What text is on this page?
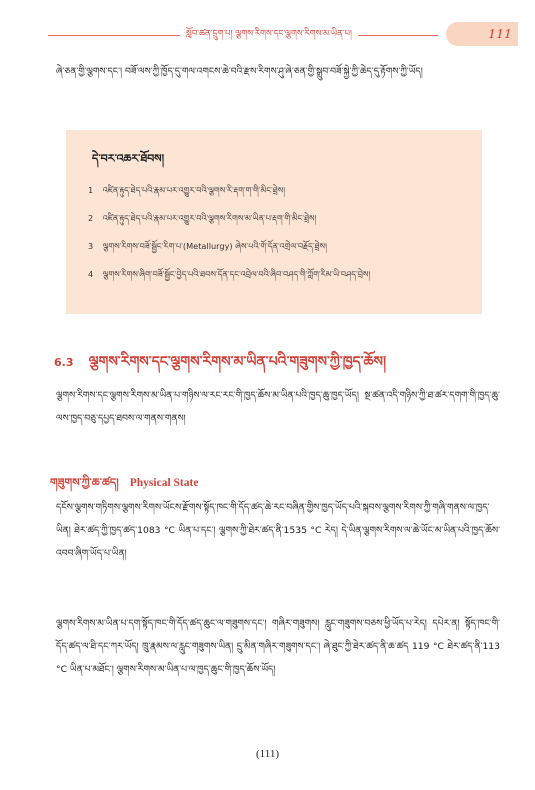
སློབ་ཚན་དྲུག་པ། ལྕགས་རིགས་དང་ལྕགས་རིགས་མ་ཡིན་པ།	111
ཞེ་ཅན་གྱི་ལྕགས་དང་། བཟོ་ལས་ཀྱི་ཁྱོད་དུ་གལ་འགངས་ཆེ་བའི་རྫས་རིགས་ཤུ་ཞེ་ཅན་གྱི་སྒྲུབ་བཟོ་སྐྱེ་ཀྱི་ཆེད་དུ་རྟོགས་ཀྱི་ཡོད།
དེ་བར་འཆར་ཐོབས།
1 འཛིན་རྟུད་ཐེད་པའི་རྣམ་པར་འགྱུར་བའི་ལྕགས་རི་རྡག་ག་གི་མིང་ཐྲེས།
2 འཛིན་རྟུད་ཐེད་པའི་རྣམ་པར་འགྱུར་བའི་ལྕགས་རིགས་མ་ཡིན་པ་རྡག་གི་མིང་ཐྲེས།
3 ལྕགས་རིགས་བཟོ་སྦྱོང་རིག་པ་(Metallurgy) ཞེས་པའི་གོ་དོན་འགྲེལ་བརྗོད་ཐྲེས།
4 ལྕགས་རིགས་ཞིག་བཟོ་སྦྱོང་བྱེད་པའི་ཐབས་དོན་དང་འབྲེལ་བའི་ཞིབ་བཤད་གི་ཀློག་རིམ་ཡི་བཤད་བྲེས།
6.3 ལྕགས་རིགས་དང་ལྕགས་རིགས་མ་ཡིན་པའི་གཟུགས་ཀྱི་ཁྱད་ཆོས།
ལྕགས་རིགས་དང་ལྕགས་རིགས་མ་ཡིན་པ་གཉིས་ལ་རང་རང་གི་ཁྱད་ཆོས་མ་ཡིན་པའི་ཁྱད་ཆུ་ཁྱད་ཡོད། སྔ་ཚན་འདི་གཉིས་ཀྱི་ཐ་ཚར་དགག་གི་ཁྱད་ཆུ་ལས་ཁྱད་བཅུ་དཔྱད་ཐབས་ལ་གནས་གནས།
གཟུགས་ཀྱི་ཆ་ཚད། Physical State
དངོས་ལྕགས་གཏིགས་ལྕགས་རིགས་ཡོངས་རྫོགས་སྟོད་ཁང་གི་དོད་ཚད་ཆེ་རང་བཞིན་གྱིས་ཁྱད་ཡོད་པའི་སྐབས་ལྕགས་རིགས་ཀྱི་གཞི་གནས་ལ་ཁྱད་ཡིན། ཐེར་ཚད་ཀྱི་ཁྱད་ཚད་1083 °C ཡིན་པ་དང་། ལྕགས་ཀྱི་ཐེར་ཚད་ནི་1535 °C རེད། དེ་ཡིན་ལྕགས་རིགས་ལ་ཆེ་ཡོང་མ་ཡིན་པའི་ཁྱད་ཆོས་འབབ་ཞིག་ཡོད་པ་ཡིན།
ལྕགས་རིགས་མ་ཡིན་པ་དག་སྟོད་ཁང་གི་དོད་ཚད་ཆུང་ལ་གཟུགས་དང་། གཞིར་གཟུགས། རླུང་གཟུགས་བཅས་ཕྱི་ཡོད་པ་རེད། དཔེར་ན། སྟོད་ཁང་གི་དོད་ཚད་ལ་ཐི་དང་ཀར་ཡོད། ཁྲུ་རྣམས་ལ་རླུང་གཟུགས་ཡིན། དྲུ་མིན་གཞིར་གཟུགས་དང་། ཞེ་ཐུང་ཀྱི་ཐེར་ཚད་ནི་ཆ་ཚད 119 °C ཐེར་ཚད་ནི་113 °C ཡིན་པ་མཐོང་། ལྕགས་རིགས་མ་ཡིན་པ་ལ་ཁྱད་ཆུང་གི་ཁྱད་ཆོས་ཡོད།
(111)
